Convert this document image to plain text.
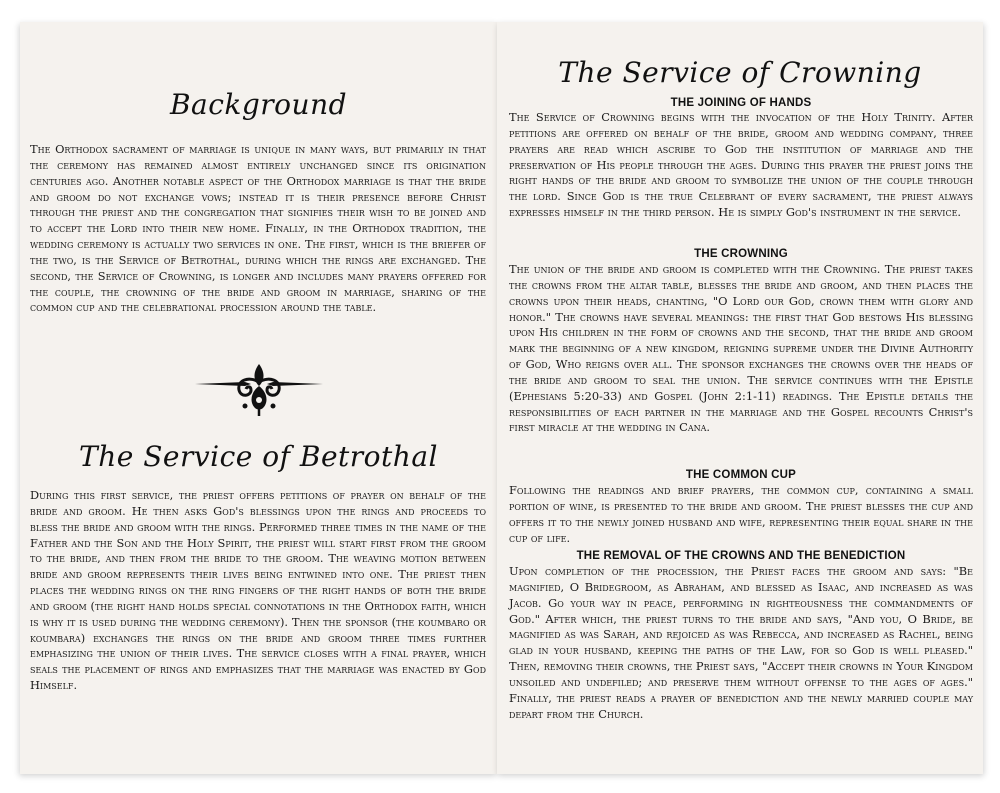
Background

The Orthodox sacrament of marriage is unique in many ways, but primarily in that the ceremony has remained almost entirely unchanged since its origination centuries ago. Another notable aspect of the Orthodox marriage is that the bride and groom do not exchange vows; instead it is their presence before Christ through the priest and the congregation that signifies their wish to be joined and to accept the Lord into their new home. Finally, in the Orthodox tradition, the wedding ceremony is actually two services in one. The first, which is the briefer of the two, is the Service of Betrothal, during which the rings are exchanged. The second, the Service of Crowning, is longer and includes many prayers offered for the couple, the crowning of the bride and groom in marriage, sharing of the common cup and the celebrational procession around the table.

The Service of Betrothal

During this first service, the priest offers petitions of prayer on behalf of the bride and groom. He then asks God's blessings upon the rings and proceeds to bless the bride and groom with the rings. Performed three times in the name of the Father and the Son and the Holy Spirit, the priest will start first from the groom to the bride, and then from the bride to the groom. The weaving motion between bride and groom represents their lives being entwined into one. The priest then places the wedding rings on the ring fingers of the right hands of both the bride and groom (the right hand holds special connotations in the Orthodox faith, which is why it is used during the wedding ceremony). Then the sponsor (the koumbaro or koumbara) exchanges the rings on the bride and groom three times further emphasizing the union of their lives. The service closes with a final prayer, which seals the placement of rings and emphasizes that the marriage was enacted by God Himself.

The Service of Crowning
THE JOINING OF HANDS

The Service of Crowning begins with the invocation of the Holy Trinity. After petitions are offered on behalf of the bride, groom and wedding company, three prayers are read which ascribe to God the institution of marriage and the preservation of His people through the ages. During this prayer the priest joins the right hands of the bride and groom to symbolize the union of the couple through the lord. Since God is the true Celebrant of every sacrament, the priest always expresses himself in the third person. He is simply God's instrument in the service.

THE CROWNING

The union of the bride and groom is completed with the Crowning. The priest takes the crowns from the altar table, blesses the bride and groom, and then places the crowns upon their heads, chanting, "O Lord our God, crown them with glory and honor." The crowns have several meanings: the first that God bestows His blessing upon His children in the form of crowns and the second, that the bride and groom mark the beginning of a new kingdom, reigning supreme under the Divine Authority of God, Who reigns over all. The sponsor exchanges the crowns over the heads of the bride and groom to seal the union. The service continues with the Epistle (Ephesians 5:20-33) and Gospel (John 2:1-11) readings. The Epistle details the responsibilities of each partner in the marriage and the Gospel recounts Christ's first miracle at the wedding in Cana.

THE COMMON CUP

Following the readings and brief prayers, the common cup, containing a small portion of wine, is presented to the bride and groom. The priest blesses the cup and offers it to the newly joined husband and wife, representing their equal share in the cup of life.

THE REMOVAL OF THE CROWNS AND THE BENEDICTION

Upon completion of the procession, the Priest faces the groom and says: "Be magnified, O Bridegroom, as Abraham, and blessed as Isaac, and increased as was Jacob. Go your way in peace, performing in righteousness the commandments of God." After which, the priest turns to the bride and says, "And you, O Bride, be magnified as was Sarah, and rejoiced as was Rebecca, and increased as Rachel, being glad in your husband, keeping the paths of the Law, for so God is well pleased." Then, removing their crowns, the Priest says, "Accept their crowns in Your Kingdom unsoiled and undefiled; and preserve them without offense to the ages of ages." Finally, the priest reads a prayer of benediction and the newly married couple may depart from the Church.
